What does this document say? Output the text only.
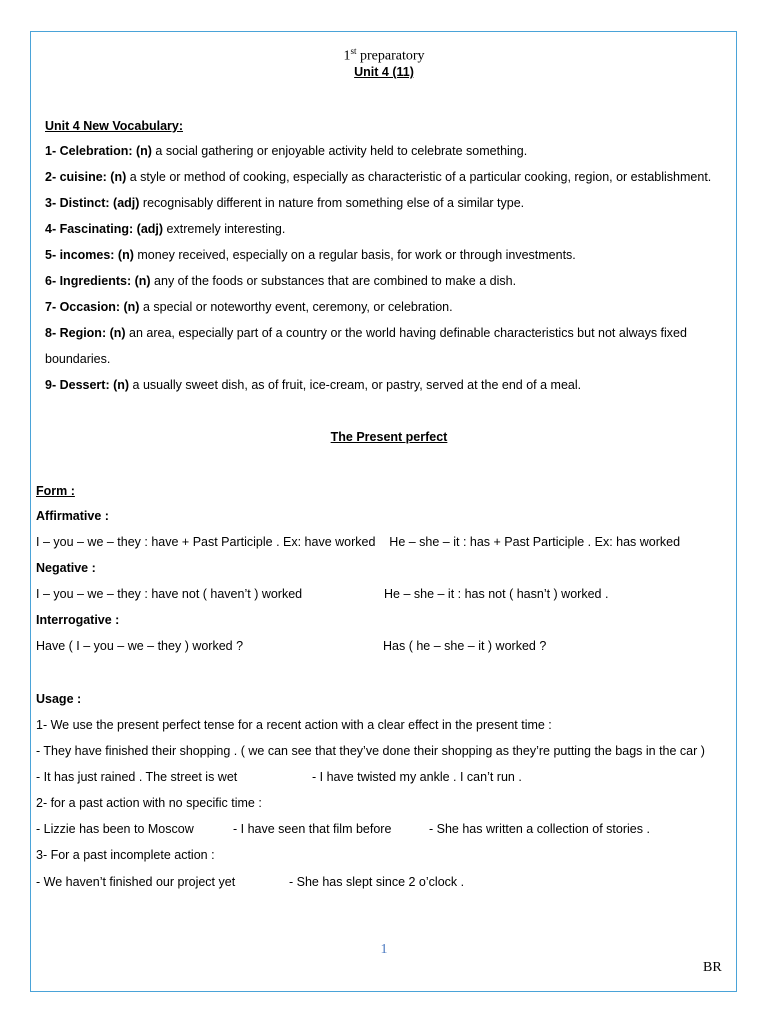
1st preparatory
Unit 4 (11)
Unit 4 New Vocabulary:
1- Celebration: (n) a social gathering or enjoyable activity held to celebrate something.
2- cuisine: (n) a style or method of cooking, especially as characteristic of a particular cooking, region, or establishment.
3- Distinct: (adj) recognisably different in nature from something else of a similar type.
4- Fascinating: (adj) extremely interesting.
5- incomes: (n) money received, especially on a regular basis, for work or through investments.
6- Ingredients: (n) any of the foods or substances that are combined to make a dish.
7- Occasion: (n) a special or noteworthy event, ceremony, or celebration.
8- Region: (n) an area, especially part of a country or the world having definable characteristics but not always fixed
boundaries.
9- Dessert: (n) a usually sweet dish, as of fruit, ice-cream, or pastry, served at the end of a meal.
The Present perfect
Form :
Affirmative :
I – you – we – they : have + Past Participle . Ex: have worked    He – she – it : has + Past Participle . Ex: has worked
Negative :
I – you – we – they : have not ( haven’t ) worked	He – she – it : has not ( hasn’t ) worked .
Interrogative :
Have ( I – you – we – they ) worked ?	Has ( he – she – it ) worked ?
Usage :
1- We use the present perfect tense for a recent action with a clear effect in the present time :
- They have finished their shopping . ( we can see that they’ve done their shopping as they’re putting the bags in the car )
- It has just rained . The street is wet	- I have twisted my ankle . I can’t run .
2- for a past action with no specific time :
- Lizzie has been to Moscow	- I have seen that film before	- She has written a collection of stories .
3- For a past incomplete action :
- We haven’t finished our project yet	- She has slept since 2 o’clock .
1
BR
